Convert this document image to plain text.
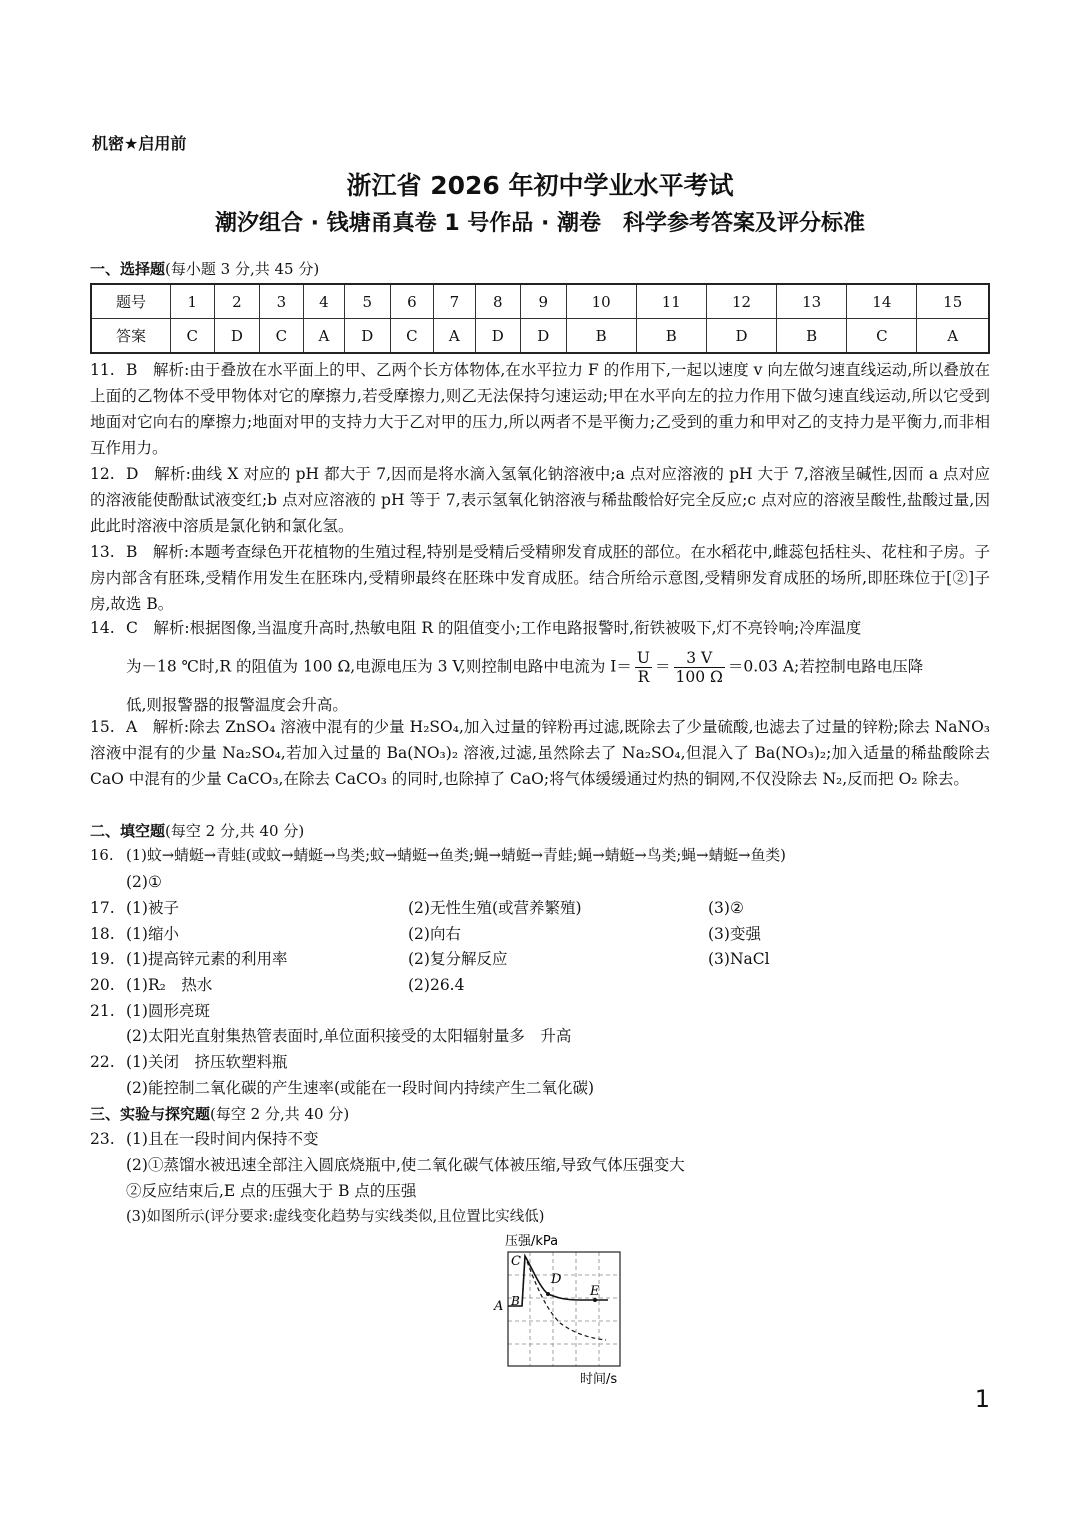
机密★启用前
浙江省 2026 年初中学业水平考试
潮汐组合 · 钱塘甬真卷 1 号作品 · 潮卷　科学参考答案及评分标准
一、选择题(每小题 3 分,共 45 分)
题号	1	2	3	4	5	6	7	8	9	10	11	12	13	14	15
答案	C	D	C	A	D	C	A	D	D	B	B	D	B	C	A
11. B　解析:由于叠放在水平面上的甲、乙两个长方体物体,在水平拉力 F 的作用下,一起以速度 v 向左做匀速直线运动,所以叠放在上面的乙物体不受甲物体对它的摩擦力,若受摩擦力,则乙无法保持匀速运动;甲在水平向左的拉力作用下做匀速直线运动,所以它受到地面对它向右的摩擦力;地面对甲的支持力大于乙对甲的压力,所以两者不是平衡力;乙受到的重力和甲对乙的支持力是平衡力,而非相互作用力。
12. D　解析:曲线 X 对应的 pH 都大于 7,因而是将水滴入氢氧化钠溶液中;a 点对应溶液的 pH 大于 7,溶液呈碱性,因而 a 点对应的溶液能使酚酞试液变红;b 点对应溶液的 pH 等于 7,表示氢氧化钠溶液与稀盐酸恰好完全反应;c 点对应的溶液呈酸性,盐酸过量,因此此时溶液中溶质是氯化钠和氯化氢。
13. B　解析:本题考查绿色开花植物的生殖过程,特别是受精后受精卵发育成胚的部位。在水稻花中,雌蕊包括柱头、花柱和子房。子房内部含有胚珠,受精作用发生在胚珠内,受精卵最终在胚珠中发育成胚。结合所给示意图,受精卵发育成胚的场所,即胚珠位于[②]子房,故选 B。
14. C　解析:根据图像,当温度升高时,热敏电阻 R 的阻值变小;工作电路报警时,衔铁被吸下,灯不亮铃响;冷库温度
为－18 ℃时,R 的阻值为 100 Ω,电源电压为 3 V,则控制电路中电流为 $I= \frac{U}{R} = \frac{3 V}{100 \Omega} =0.03$ A;若控制电路电压降
低,则报警器的报警温度会升高。
15. A　解析:除去 ZnSO₄ 溶液中混有的少量 H₂SO₄,加入过量的锌粉再过滤,既除去了少量硫酸,也滤去了过量的锌粉;除去 NaNO₃ 溶液中混有的少量 Na₂SO₄,若加入过量的 Ba(NO₃)₂ 溶液,过滤,虽然除去了 Na₂SO₄,但混入了 Ba(NO₃)₂;加入适量的稀盐酸除去 CaO 中混有的少量 CaCO₃,在除去 CaCO₃ 的同时,也除掉了 CaO;将气体缓缓通过灼热的铜网,不仅没除去 N₂,反而把 O₂ 除去。
二、填空题(每空 2 分,共 40 分)
16. (1)蚊→蜻蜓→青蛙(或蚊→蜻蜓→鸟类;蚊→蜻蜓→鱼类;蝇→蜻蜓→青蛙;蝇→蜻蜓→鸟类;蝇→蜻蜓→鱼类)
(2)①
17. (1)被子	(2)无性生殖(或营养繁殖)	(3)②
18. (1)缩小	(2)向右	(3)变强
19. (1)提高锌元素的利用率	(2)复分解反应	(3)NaCl
20. (1)R₂　热水	(2)26.4
21. (1)圆形亮斑
(2)太阳光直射集热管表面时,单位面积接受的太阳辐射量多　升高
22. (1)关闭　挤压软塑料瓶
(2)能控制二氧化碳的产生速率(或能在一段时间内持续产生二氧化碳)
三、实验与探究题(每空 2 分,共 40 分)
23. (1)且在一段时间内保持不变
(2)①蒸馏水被迅速全部注入圆底烧瓶中,使二氧化碳气体被压缩,导致气体压强变大
②反应结束后,E 点的压强大于 B 点的压强
(3)如图所示(评分要求:虚线变化趋势与实线类似,且位置比实线低)
压强/kPa
A B
C
D
E
时间/s
1
